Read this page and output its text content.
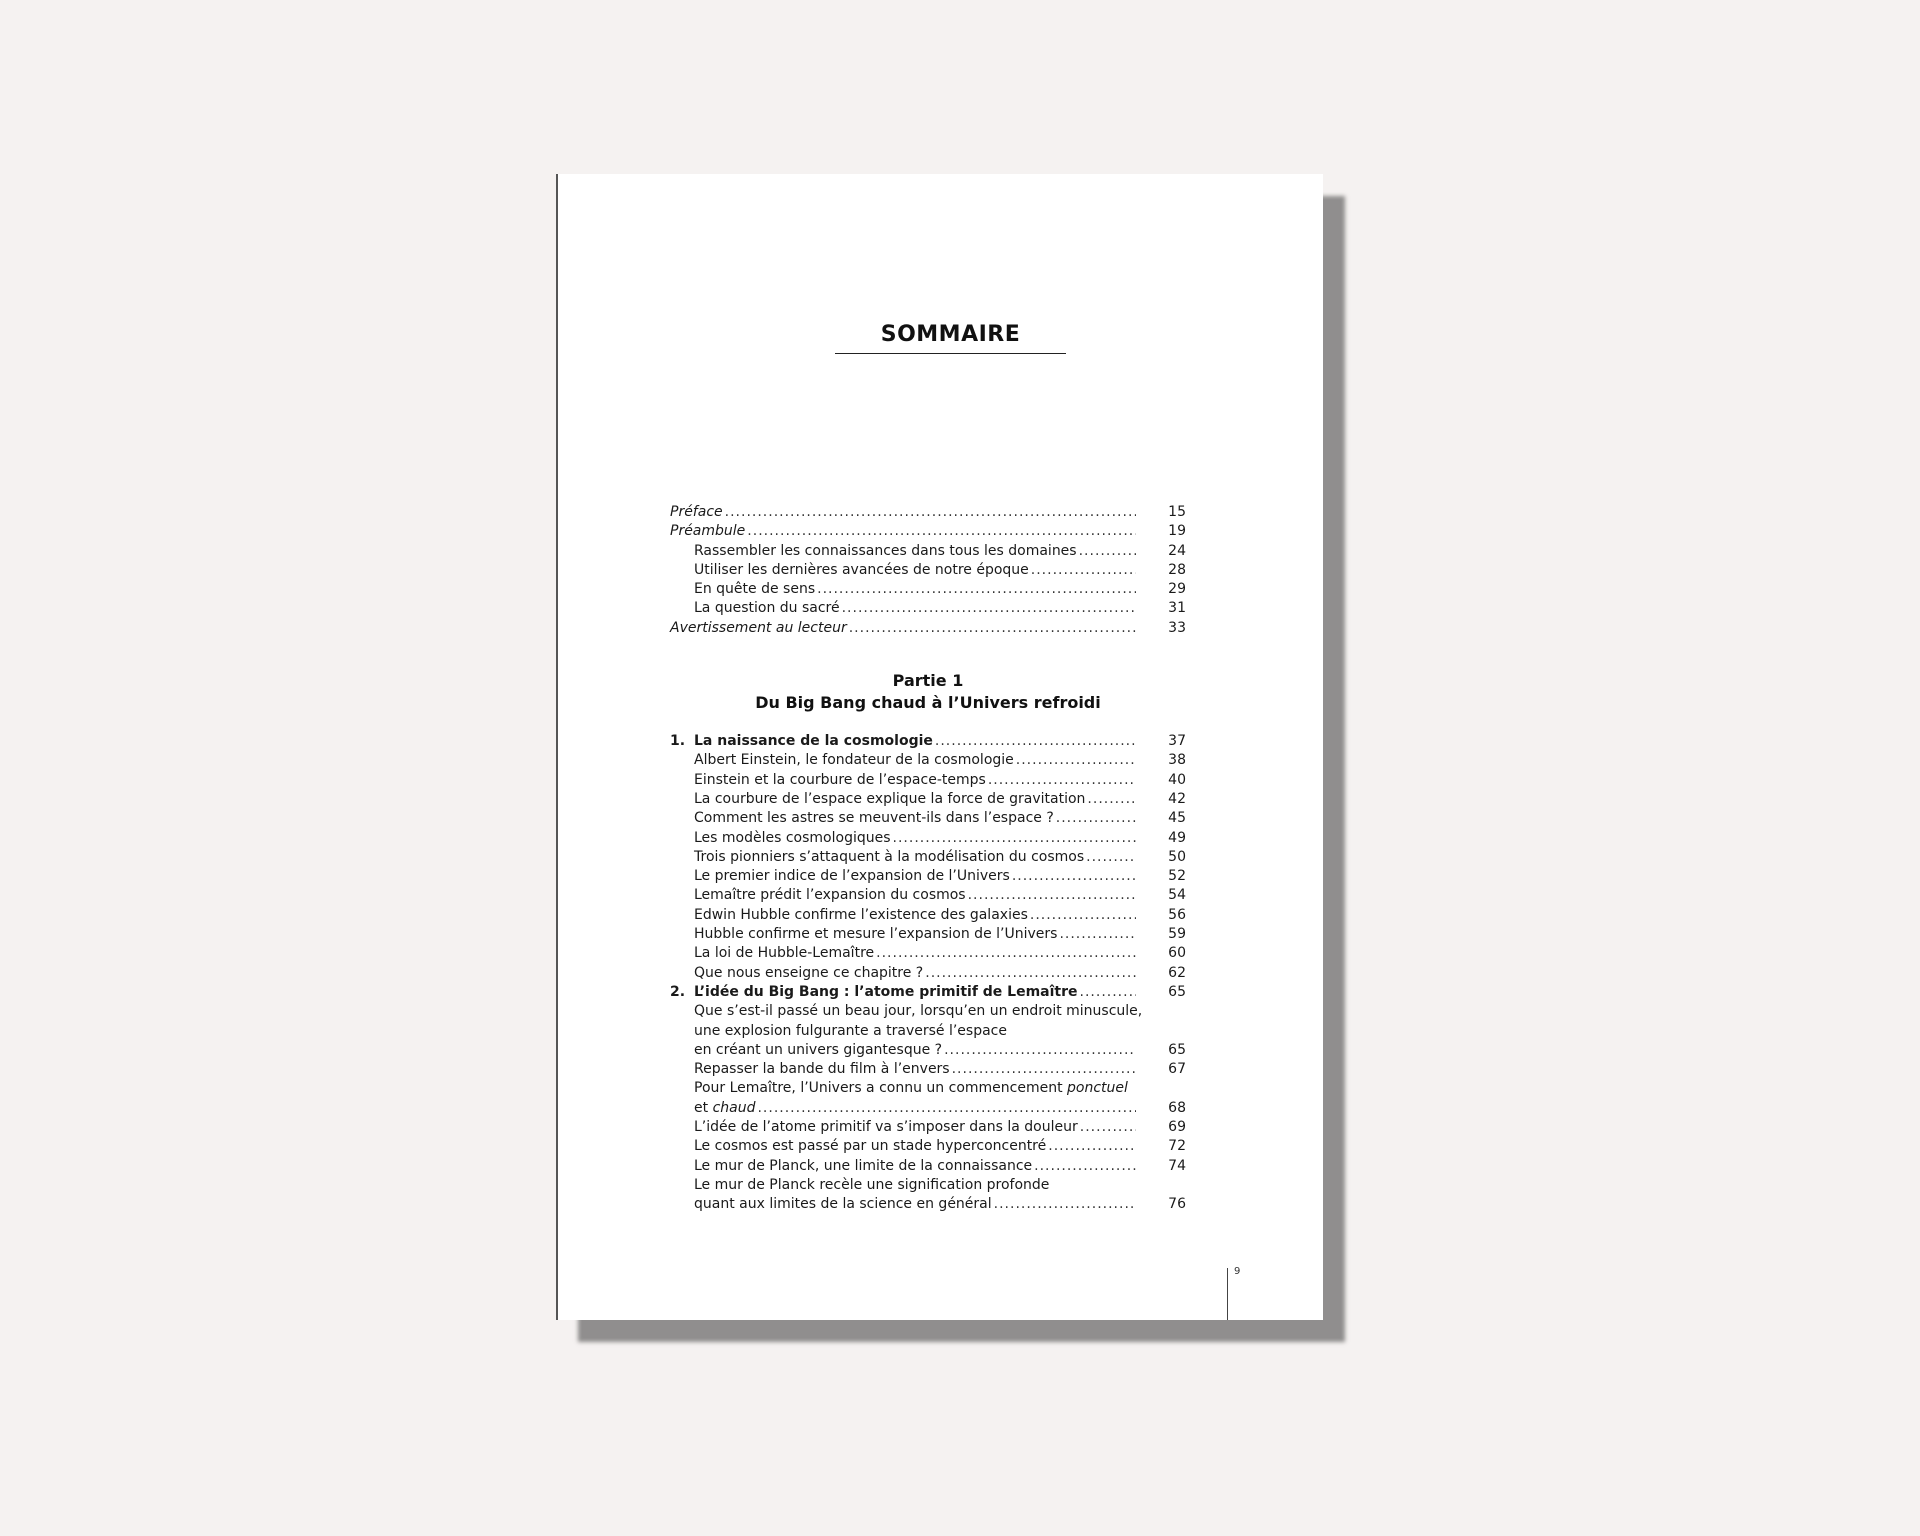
SOMMAIRE
Préface .....	15
Préambule .....	19
Rassembler les connaissances dans tous les domaines .....	24
Utiliser les dernières avancées de notre époque .....	28
En quête de sens .....	29
La question du sacré .....	31
Avertissement au lecteur .....	33
Partie 1
Du Big Bang chaud à l’Univers refroidi
1. La naissance de la cosmologie .....	37
Albert Einstein, le fondateur de la cosmologie .....	38
Einstein et la courbure de l’espace-temps .....	40
La courbure de l’espace explique la force de gravitation .....	42
Comment les astres se meuvent-ils dans l’espace ? .....	45
Les modèles cosmologiques .....	49
Trois pionniers s’attaquent à la modélisation du cosmos .....	50
Le premier indice de l’expansion de l’Univers .....	52
Lemaître prédit l’expansion du cosmos .....	54
Edwin Hubble confirme l’existence des galaxies .....	56
Hubble confirme et mesure l’expansion de l’Univers .....	59
La loi de Hubble-Lemaître .....	60
Que nous enseigne ce chapitre ? .....	62
2. L’idée du Big Bang : l’atome primitif de Lemaître .....	65
Que s’est-il passé un beau jour, lorsqu’en un endroit minuscule,
une explosion fulgurante a traversé l’espace
en créant un univers gigantesque ? .....	65
Repasser la bande du film à l’envers .....	67
Pour Lemaître, l’Univers a connu un commencement ponctuel
et chaud .....	68
L’idée de l’atome primitif va s’imposer dans la douleur .....	69
Le cosmos est passé par un stade hyperconcentré .....	72
Le mur de Planck, une limite de la connaissance .....	74
Le mur de Planck recèle une signification profonde
quant aux limites de la science en général .....	76
9
